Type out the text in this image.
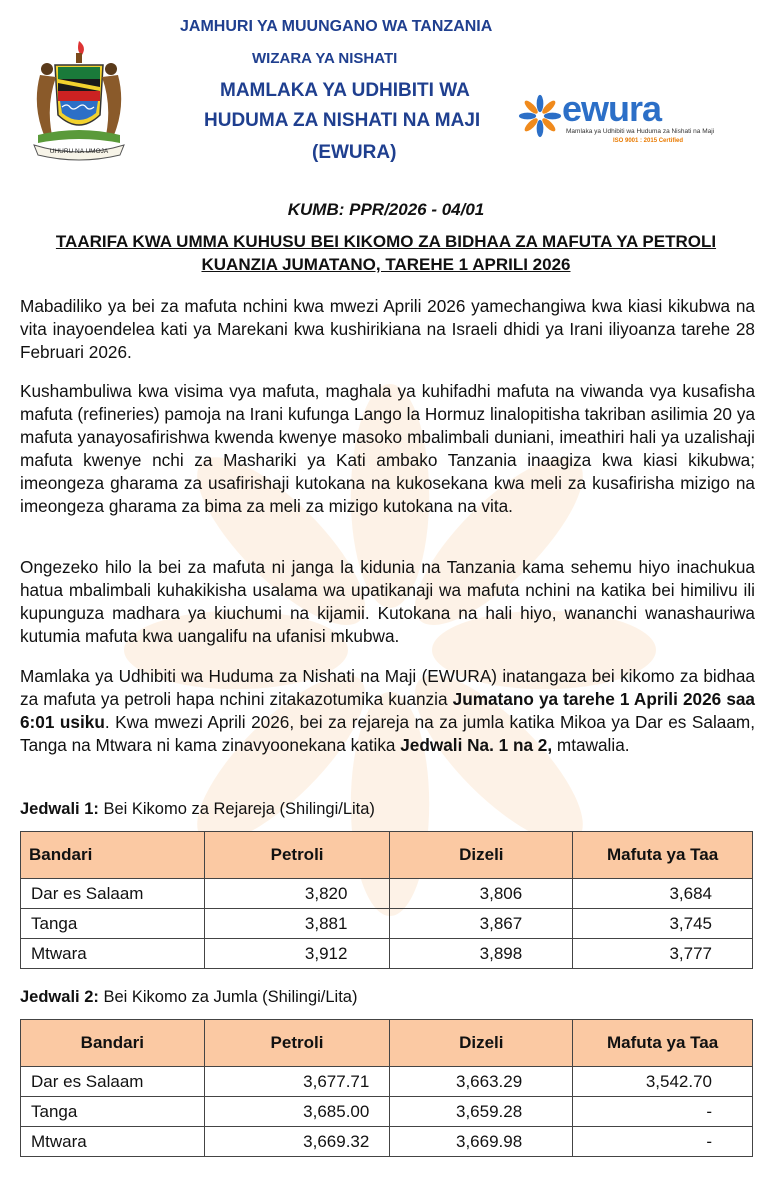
UHURU NA UMOJA
JAMHURI YA MUUNGANO WA TANZANIA
WIZARA YA NISHATI
MAMLAKA YA UDHIBITI WA
HUDUMA ZA NISHATI NA MAJI
(EWURA)
ewura
Mamlaka ya Udhibiti wa Huduma za Nishati na Maji
ISO 9001 : 2015 Certified
KUMB: PPR/2026 - 04/01
TAARIFA KWA UMMA KUHUSU BEI KIKOMO ZA BIDHAA ZA MAFUTA YA PETROLI KUANZIA JUMATANO, TAREHE 1 APRILI 2026

Mabadiliko ya bei za mafuta nchini kwa mwezi Aprili 2026 yamechangiwa kwa kiasi kikubwa na vita inayoendelea kati ya Marekani kwa kushirikiana na Israeli dhidi ya Irani iliyoanza tarehe 28 Februari 2026.

Kushambuliwa kwa visima vya mafuta, maghala ya kuhifadhi mafuta na viwanda vya kusafisha mafuta (refineries) pamoja na Irani kufunga Lango la Hormuz linalopitisha takriban asilimia 20 ya mafuta yanayosafirishwa kwenda kwenye masoko mbalimbali duniani, imeathiri hali ya uzalishaji mafuta kwenye nchi za Mashariki ya Kati ambako Tanzania inaagiza kwa kiasi kikubwa; imeongeza gharama za usafirishaji kutokana na kukosekana kwa meli za kusafirisha mizigo na imeongeza gharama za bima za meli za mizigo kutokana na vita.

Ongezeko hilo la bei za mafuta ni janga la kidunia na Tanzania kama sehemu hiyo inachukua hatua mbalimbali kuhakikisha usalama wa upatikanaji wa mafuta nchini na katika bei himilivu ili kupunguza madhara ya kiuchumi na kijamii. Kutokana na hali hiyo, wananchi wanashauriwa kutumia mafuta kwa uangalifu na ufanisi mkubwa.

Mamlaka ya Udhibiti wa Huduma za Nishati na Maji (EWURA) inatangaza bei kikomo za bidhaa za mafuta ya petroli hapa nchini zitakazotumika kuanzia Jumatano ya tarehe 1 Aprili 2026 saa 6:01 usiku. Kwa mwezi Aprili 2026, bei za rejareja na za jumla katika Mikoa ya Dar es Salaam, Tanga na Mtwara ni kama zinavyoonekana katika Jedwali Na. 1 na 2, mtawalia.

Jedwali 1: Bei Kikomo za Rejareja (Shilingi/Lita)
Bandari	Petroli	Dizeli	Mafuta ya Taa
Dar es Salaam	3,820	3,806	3,684
Tanga	3,881	3,867	3,745
Mtwara	3,912	3,898	3,777
Jedwali 2: Bei Kikomo za Jumla (Shilingi/Lita)
Bandari	Petroli	Dizeli	Mafuta ya Taa
Dar es Salaam	3,677.71	3,663.29	3,542.70
Tanga	3,685.00	3,659.28	-
Mtwara	3,669.32	3,669.98	-
